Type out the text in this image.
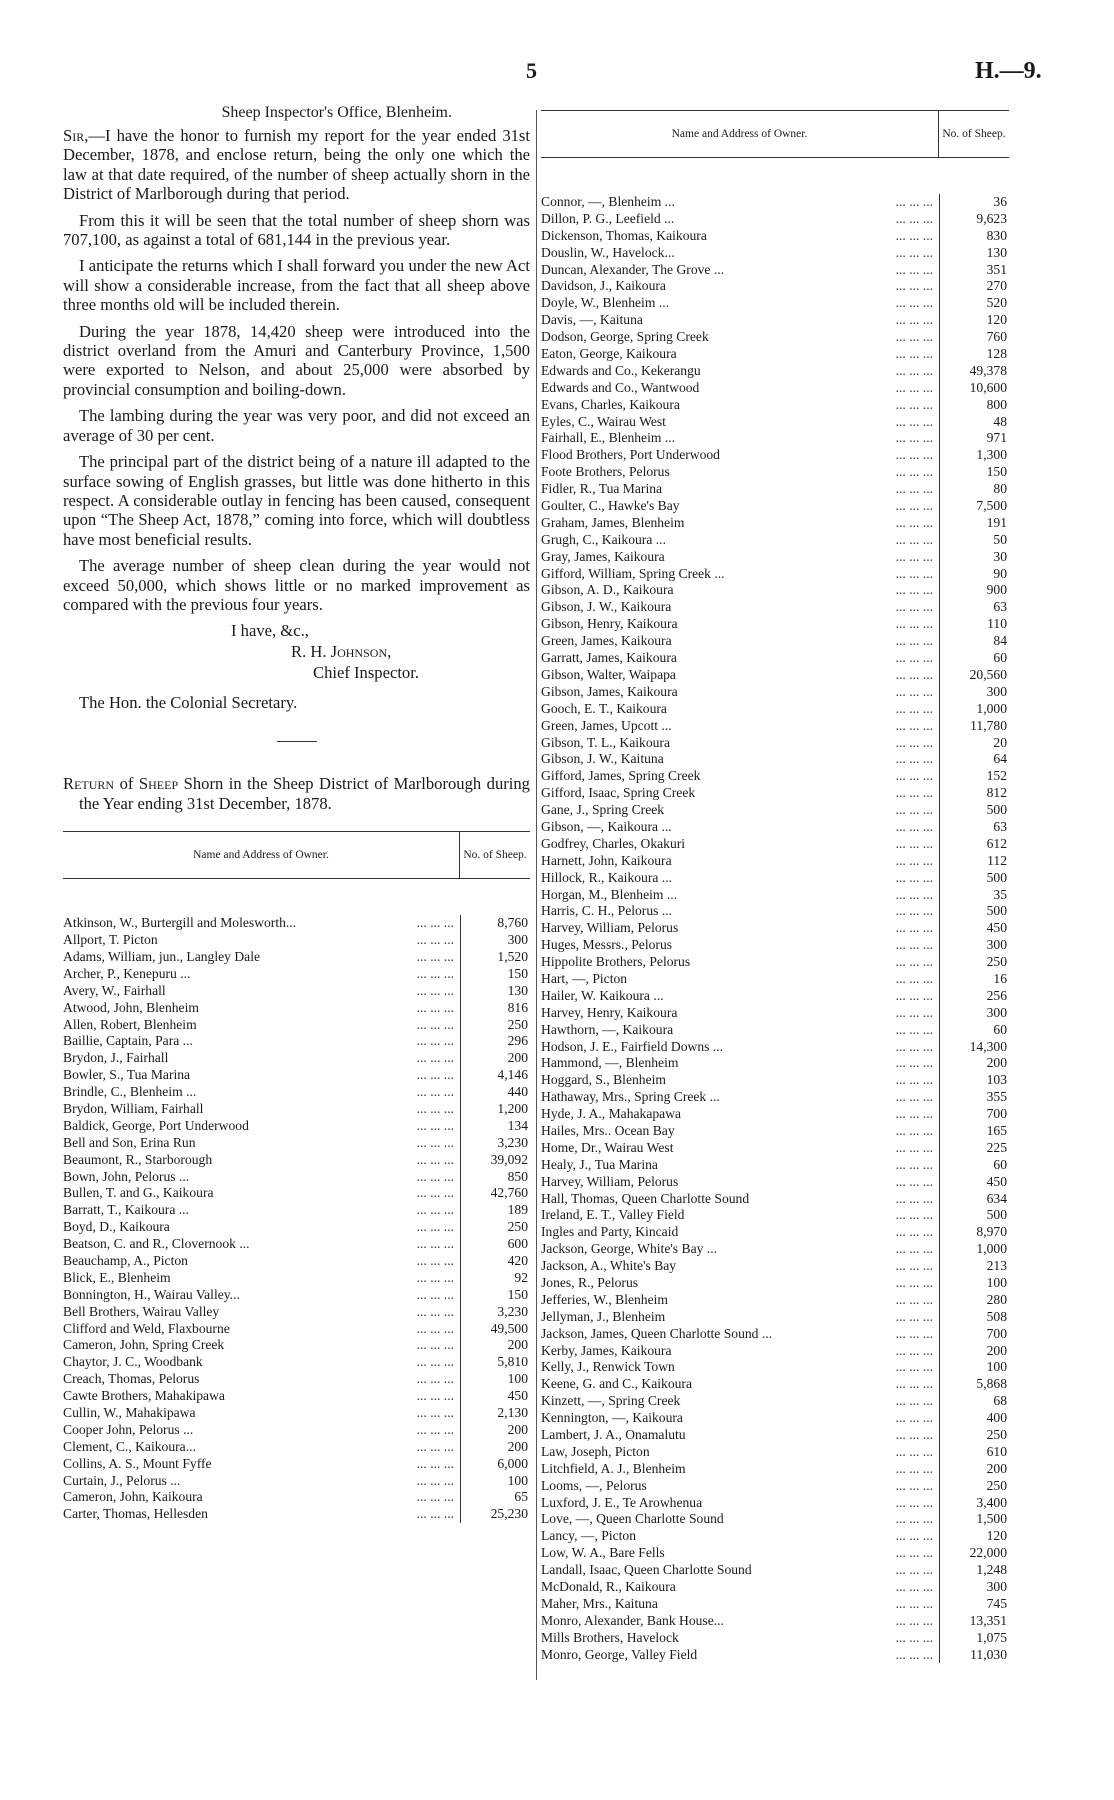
5	H.—9.
Sheep Inspector's Office, Blenheim.

Sir,—I have the honor to furnish my report for the year ended 31st December, 1878, and enclose return, being the only one which the law at that date required, of the number of sheep actually shorn in the District of Marlborough during that period.

From this it will be seen that the total number of sheep shorn was 707,100, as against a total of 681,144 in the previous year.

I anticipate the returns which I shall forward you under the new Act will show a considerable increase, from the fact that all sheep above three months old will be included therein.

During the year 1878, 14,420 sheep were introduced into the district overland from the Amuri and Canterbury Province, 1,500 were exported to Nelson, and about 25,000 were absorbed by provincial consumption and boiling-down.

The lambing during the year was very poor, and did not exceed an average of 30 per cent.

The principal part of the district being of a nature ill adapted to the surface sowing of English grasses, but little was done hitherto in this respect. A considerable outlay in fencing has been caused, consequent upon “The Sheep Act, 1878,” coming into force, which will doubtless have most beneficial results.

The average number of sheep clean during the year would not exceed 50,000, which shows little or no marked improvement as compared with the previous four years.

I have, &c.,
R. H. Johnson,
Chief Inspector.
The Hon. the Colonial Secretary.
Return of Sheep Shorn in the Sheep District of Marlborough during the Year ending 31st December, 1878.
Name and Address of Owner.	No. of Sheep.
Atkinson, W., Burtergill and Molesworth...	... ... ...	8,760
Allport, T. Picton	... ... ...	300
Adams, William, jun., Langley Dale	... ... ...	1,520
Archer, P., Kenepuru ...	... ... ...	150
Avery, W., Fairhall	... ... ...	130
Atwood, John, Blenheim	... ... ...	816
Allen, Robert, Blenheim	... ... ...	250
Baillie, Captain, Para ...	... ... ...	296
Brydon, J., Fairhall	... ... ...	200
Bowler, S., Tua Marina	... ... ...	4,146
Brindle, C., Blenheim ...	... ... ...	440
Brydon, William, Fairhall	... ... ...	1,200
Baldick, George, Port Underwood	... ... ...	134
Bell and Son, Erina Run	... ... ...	3,230
Beaumont, R., Starborough	... ... ...	39,092
Bown, John, Pelorus ...	... ... ...	850
Bullen, T. and G., Kaikoura	... ... ...	42,760
Barratt, T., Kaikoura ...	... ... ...	189
Boyd, D., Kaikoura	... ... ...	250
Beatson, C. and R., Clovernook ...	... ... ...	600
Beauchamp, A., Picton	... ... ...	420
Blick, E., Blenheim	... ... ...	92
Bonnington, H., Wairau Valley...	... ... ...	150
Bell Brothers, Wairau Valley	... ... ...	3,230
Clifford and Weld, Flaxbourne	... ... ...	49,500
Cameron, John, Spring Creek	... ... ...	200
Chaytor, J. C., Woodbank	... ... ...	5,810
Creach, Thomas, Pelorus	... ... ...	100
Cawte Brothers, Mahakipawa	... ... ...	450
Cullin, W., Mahakipawa	... ... ...	2,130
Cooper John, Pelorus ...	... ... ...	200
Clement, C., Kaikoura...	... ... ...	200
Collins, A. S., Mount Fyffe	... ... ...	6,000
Curtain, J., Pelorus ...	... ... ...	100
Cameron, John, Kaikoura	... ... ...	65
Carter, Thomas, Hellesden	... ... ...	25,230
Name and Address of Owner.	No. of Sheep.
Connor, —, Blenheim ...	... ... ...	36
Dillon, P. G., Leefield ...	... ... ...	9,623
Dickenson, Thomas, Kaikoura	... ... ...	830
Douslin, W., Havelock...	... ... ...	130
Duncan, Alexander, The Grove ...	... ... ...	351
Davidson, J., Kaikoura	... ... ...	270
Doyle, W., Blenheim ...	... ... ...	520
Davis, —, Kaituna	... ... ...	120
Dodson, George, Spring Creek	... ... ...	760
Eaton, George, Kaikoura	... ... ...	128
Edwards and Co., Kekerangu	... ... ...	49,378
Edwards and Co., Wantwood	... ... ...	10,600
Evans, Charles, Kaikoura	... ... ...	800
Eyles, C., Wairau West	... ... ...	48
Fairhall, E., Blenheim ...	... ... ...	971
Flood Brothers, Port Underwood	... ... ...	1,300
Foote Brothers, Pelorus	... ... ...	150
Fidler, R., Tua Marina	... ... ...	80
Goulter, C., Hawke's Bay	... ... ...	7,500
Graham, James, Blenheim	... ... ...	191
Grugh, C., Kaikoura ...	... ... ...	50
Gray, James, Kaikoura	... ... ...	30
Gifford, William, Spring Creek ...	... ... ...	90
Gibson, A. D., Kaikoura	... ... ...	900
Gibson, J. W., Kaikoura	... ... ...	63
Gibson, Henry, Kaikoura	... ... ...	110
Green, James, Kaikoura	... ... ...	84
Garratt, James, Kaikoura	... ... ...	60
Gibson, Walter, Waipapa	... ... ...	20,560
Gibson, James, Kaikoura	... ... ...	300
Gooch, E. T., Kaikoura	... ... ...	1,000
Green, James, Upcott ...	... ... ...	11,780
Gibson, T. L., Kaikoura	... ... ...	20
Gibson, J. W., Kaituna	... ... ...	64
Gifford, James, Spring Creek	... ... ...	152
Gifford, Isaac, Spring Creek	... ... ...	812
Gane, J., Spring Creek	... ... ...	500
Gibson, —, Kaikoura ...	... ... ...	63
Godfrey, Charles, Okakuri	... ... ...	612
Harnett, John, Kaikoura	... ... ...	112
Hillock, R., Kaikoura ...	... ... ...	500
Horgan, M., Blenheim ...	... ... ...	35
Harris, C. H., Pelorus ...	... ... ...	500
Harvey, William, Pelorus	... ... ...	450
Huges, Messrs., Pelorus	... ... ...	300
Hippolite Brothers, Pelorus	... ... ...	250
Hart, —, Picton	... ... ...	16
Hailer, W. Kaikoura ...	... ... ...	256
Harvey, Henry, Kaikoura	... ... ...	300
Hawthorn, —, Kaikoura	... ... ...	60
Hodson, J. E., Fairfield Downs ...	... ... ...	14,300
Hammond, —, Blenheim	... ... ...	200
Hoggard, S., Blenheim	... ... ...	103
Hathaway, Mrs., Spring Creek ...	... ... ...	355
Hyde, J. A., Mahakapawa	... ... ...	700
Hailes, Mrs.. Ocean Bay	... ... ...	165
Home, Dr., Wairau West	... ... ...	225
Healy, J., Tua Marina	... ... ...	60
Harvey, William, Pelorus	... ... ...	450
Hall, Thomas, Queen Charlotte Sound	... ... ...	634
Ireland, E. T., Valley Field	... ... ...	500
Ingles and Party, Kincaid	... ... ...	8,970
Jackson, George, White's Bay ...	... ... ...	1,000
Jackson, A., White's Bay	... ... ...	213
Jones, R., Pelorus	... ... ...	100
Jefferies, W., Blenheim	... ... ...	280
Jellyman, J., Blenheim	... ... ...	508
Jackson, James, Queen Charlotte Sound ...	... ... ...	700
Kerby, James, Kaikoura	... ... ...	200
Kelly, J., Renwick Town	... ... ...	100
Keene, G. and C., Kaikoura	... ... ...	5,868
Kinzett, —, Spring Creek	... ... ...	68
Kennington, —, Kaikoura	... ... ...	400
Lambert, J. A., Onamalutu	... ... ...	250
Law, Joseph, Picton	... ... ...	610
Litchfield, A. J., Blenheim	... ... ...	200
Looms, —, Pelorus	... ... ...	250
Luxford, J. E., Te Arowhenua	... ... ...	3,400
Love, —, Queen Charlotte Sound	... ... ...	1,500
Lancy, —, Picton	... ... ...	120
Low, W. A., Bare Fells	... ... ...	22,000
Landall, Isaac, Queen Charlotte Sound	... ... ...	1,248
McDonald, R., Kaikoura	... ... ...	300
Maher, Mrs., Kaituna	... ... ...	745
Monro, Alexander, Bank House...	... ... ...	13,351
Mills Brothers, Havelock	... ... ...	1,075
Monro, George, Valley Field	... ... ...	11,030
